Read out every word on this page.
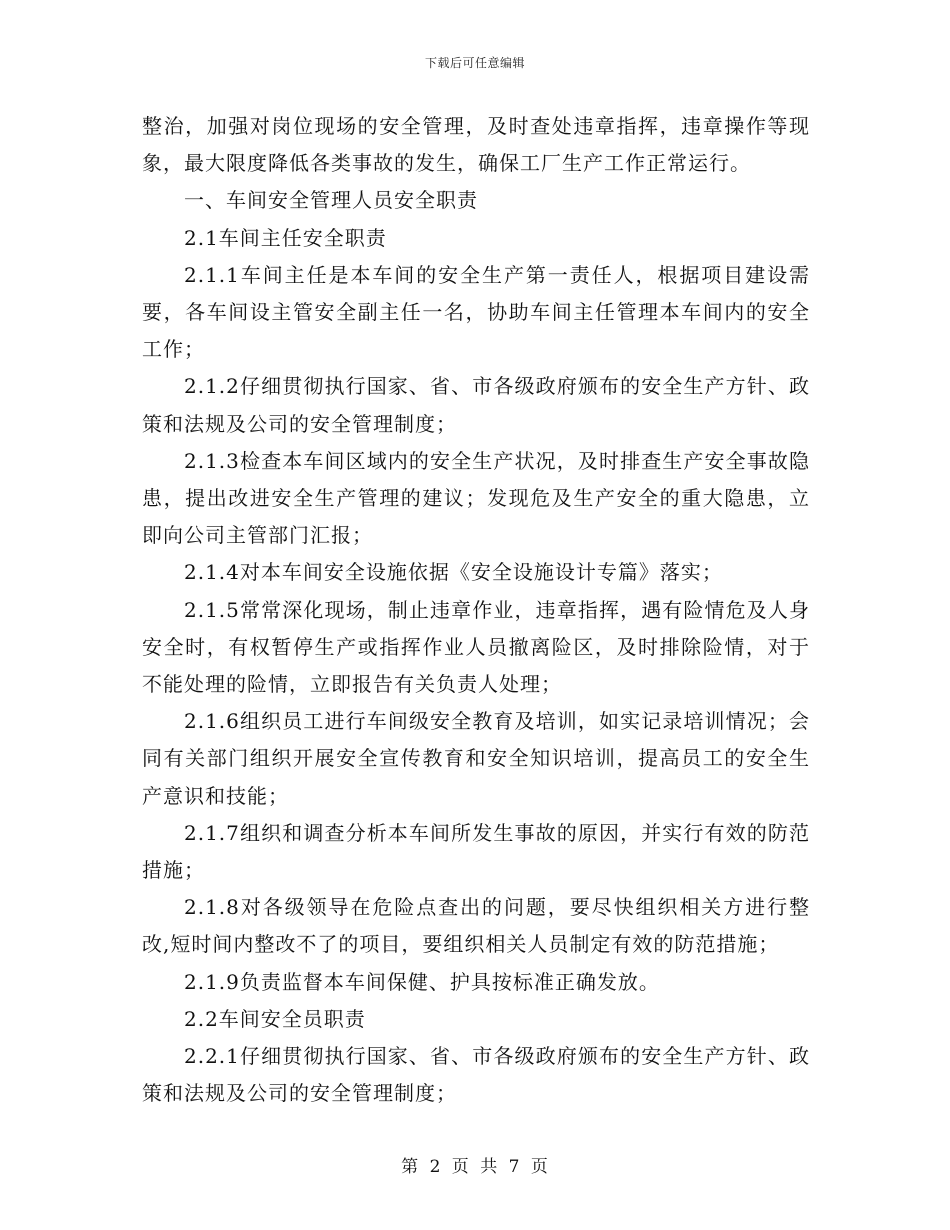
下载后可任意编辑

整治，加强对岗位现场的安全管理，及时查处违章指挥，违章操作等现象，最大限度降低各类事故的发生，确保工厂生产工作正常运行。

一、车间安全管理人员安全职责

2.1车间主任安全职责

2.1.1车间主任是本车间的安全生产第一责任人，根据项目建设需要，各车间设主管安全副主任一名，协助车间主任管理本车间内的安全工作；

2.1.2仔细贯彻执行国家、省、市各级政府颁布的安全生产方针、政策和法规及公司的安全管理制度；

2.1.3检查本车间区域内的安全生产状况，及时排查生产安全事故隐患，提出改进安全生产管理的建议；发现危及生产安全的重大隐患，立即向公司主管部门汇报；

2.1.4对本车间安全设施依据《安全设施设计专篇》落实；

2.1.5常常深化现场，制止违章作业，违章指挥，遇有险情危及人身安全时，有权暂停生产或指挥作业人员撤离险区，及时排除险情，对于不能处理的险情，立即报告有关负责人处理；

2.1.6组织员工进行车间级安全教育及培训，如实记录培训情况；会同有关部门组织开展安全宣传教育和安全知识培训，提高员工的安全生产意识和技能；

2.1.7组织和调查分析本车间所发生事故的原因，并实行有效的防范措施；

2.1.8对各级领导在危险点查出的问题，要尽快组织相关方进行整改,短时间内整改不了的项目，要组织相关人员制定有效的防范措施；

2.1.9负责监督本车间保健、护具按标准正确发放。

2.2车间安全员职责

2.2.1仔细贯彻执行国家、省、市各级政府颁布的安全生产方针、政策和法规及公司的安全管理制度；

第 2 页 共 7 页
